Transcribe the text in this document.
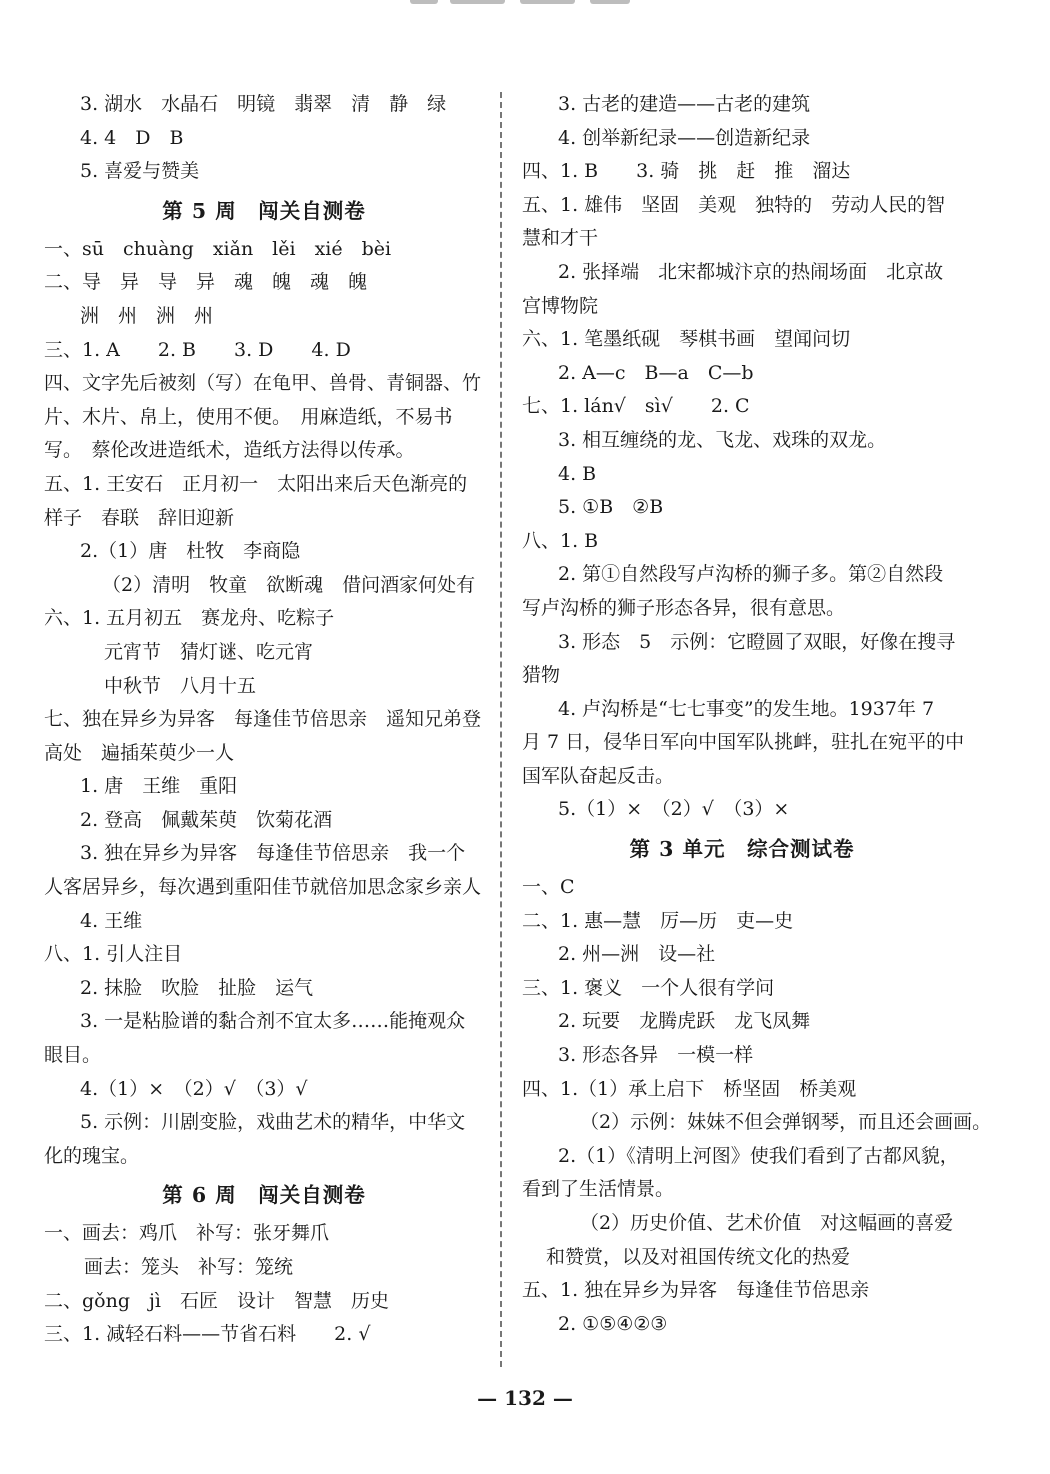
3. 湖水　水晶石　明镜　翡翠　清　静　绿
4. 4　D　B
5. 喜爱与赞美
第 5 周　闯关自测卷
一、sū　chuàng　xiǎn　lěi　xié　bèi
二、导　异　导　异　魂　魄　魂　魄
洲　州　洲　州
三、1. A　　2. B　　3. D　　4. D
四、文字先后被刻（写）在龟甲、兽骨、青铜器、竹
片、木片、帛上，使用不便。　用麻造纸，不易书
写。　蔡伦改进造纸术，造纸方法得以传承。
五、1. 王安石　正月初一　太阳出来后天色渐亮的
样子　春联　辞旧迎新
2.（1）唐　杜牧　李商隐
（2）清明　牧童　欲断魂　借问酒家何处有
六、1. 五月初五　赛龙舟、吃粽子
元宵节　猜灯谜、吃元宵
中秋节　八月十五
七、独在异乡为异客　每逢佳节倍思亲　遥知兄弟登
高处　遍插茱萸少一人
1. 唐　王维　重阳
2. 登高　佩戴茱萸　饮菊花酒
3. 独在异乡为异客　每逢佳节倍思亲　我一个
人客居异乡，每次遇到重阳佳节就倍加思念家乡亲人
4. 王维
八、1. 引人注目
2. 抹脸　吹脸　扯脸　运气
3. 一是粘脸谱的黏合剂不宜太多……能掩观众
眼目。
4.（1）×　（2）√　（3）√
5. 示例：川剧变脸，戏曲艺术的精华，中华文
化的瑰宝。
第 6 周　闯关自测卷
一、画去：鸡爪　补写：张牙舞爪
画去：笼头　补写：笼统
二、gǒng　jì　石匠　设计　智慧　历史
三、1. 减轻石料——节省石料　　2. √
3. 古老的建造——古老的建筑
4. 创举新纪录——创造新纪录
四、1. B　　3. 骑　挑　赶　推　溜达
五、1. 雄伟　坚固　美观　独特的　劳动人民的智
慧和才干
2. 张择端　北宋都城汴京的热闹场面　北京故
宫博物院
六、1. 笔墨纸砚　琴棋书画　望闻问切
2. A—c　B—a　C—b
七、1. lán√　sì√　　2. C
3. 相互缠绕的龙、飞龙、戏珠的双龙。
4. B
5. ①B　②B
八、1. B
2. 第①自然段写卢沟桥的狮子多。第②自然段
写卢沟桥的狮子形态各异，很有意思。
3. 形态　5　示例：它瞪圆了双眼，好像在搜寻
猎物
4. 卢沟桥是“七七事变”的发生地。1937年 7
月 7 日，侵华日军向中国军队挑衅，驻扎在宛平的中
国军队奋起反击。
5.（1）×　（2）√　（3）×
第 3 单元　综合测试卷
一、C
二、1. 惠—慧　厉—历　吏—史
2. 州—洲　设—社
三、1. 褒义　一个人很有学问
2. 玩要　龙腾虎跃　龙飞凤舞
3. 形态各异　一模一样
四、1.（1）承上启下　桥坚固　桥美观
（2）示例：妹妹不但会弹钢琴，而且还会画画。
2.（1）《清明上河图》使我们看到了古都风貌，
看到了生活情景。
（2）历史价值、艺术价值　对这幅画的喜爱
和赞赏，以及对祖国传统文化的热爱
五、1. 独在异乡为异客　每逢佳节倍思亲
2. ①⑤④②③
— 132 —
